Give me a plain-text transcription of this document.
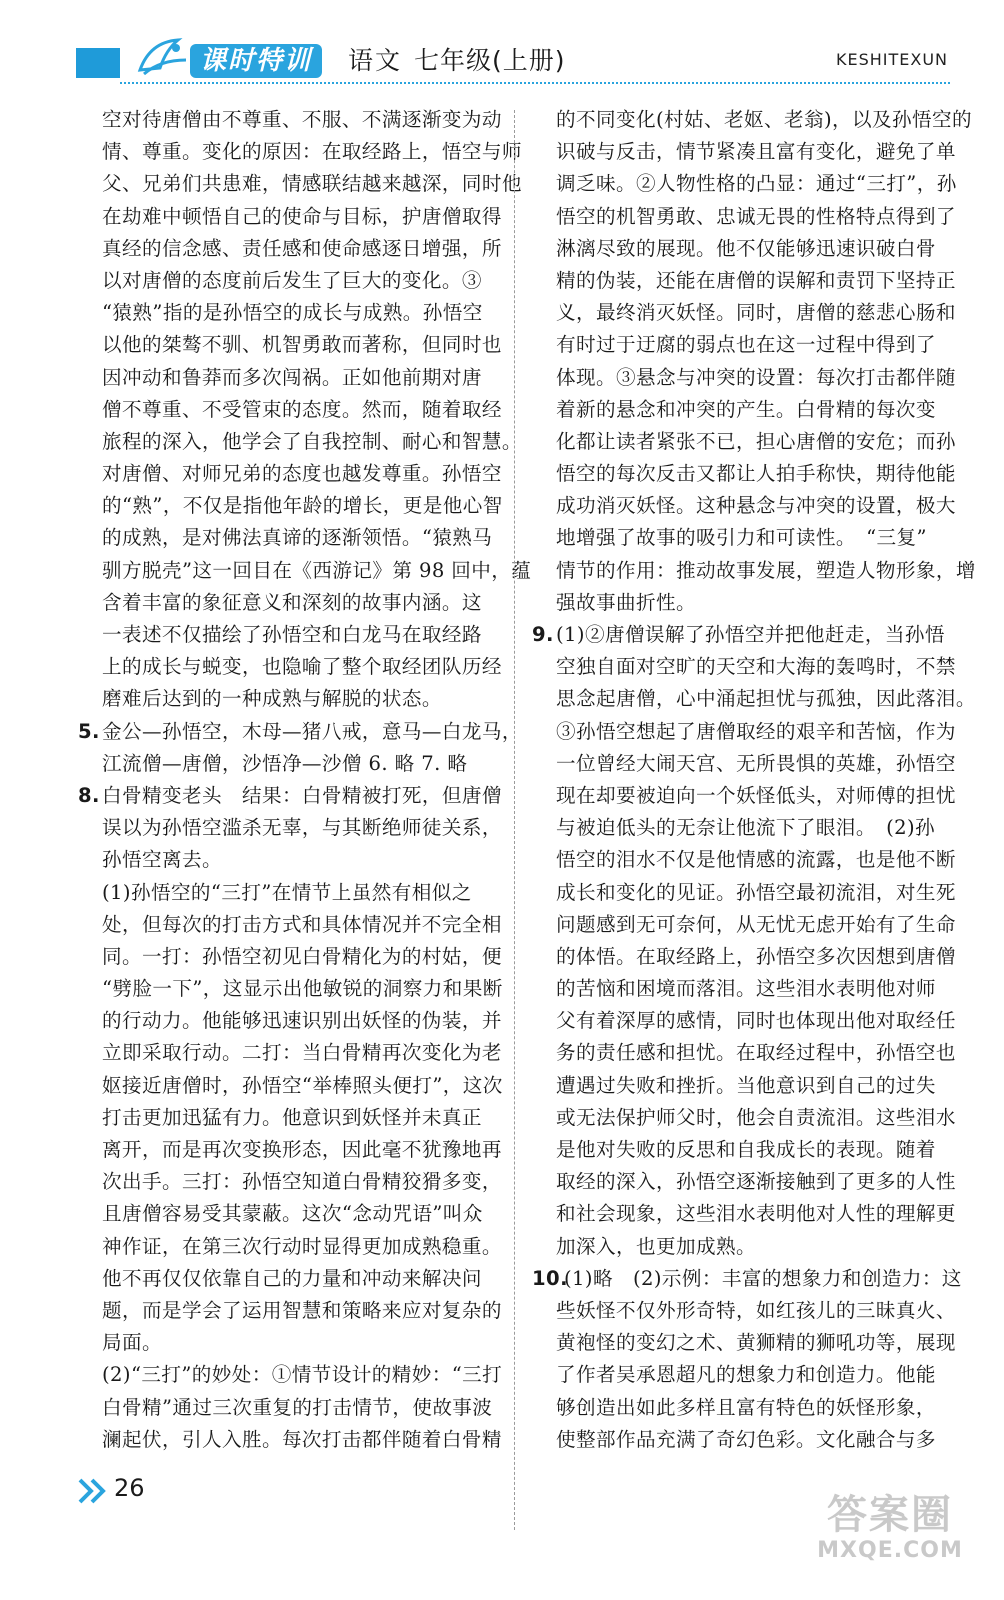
课时特训	语文 七年级(上册)	KESHITEXUN
空对待唐僧由不尊重、不服、不满逐渐变为动
情、尊重。变化的原因：在取经路上，悟空与师
父、兄弟们共患难，情感联结越来越深，同时他
在劫难中顿悟自己的使命与目标，护唐僧取得
真经的信念感、责任感和使命感逐日增强，所
以对唐僧的态度前后发生了巨大的变化。③
“猿熟”指的是孙悟空的成长与成熟。孙悟空
以他的桀骜不驯、机智勇敢而著称，但同时也
因冲动和鲁莽而多次闯祸。正如他前期对唐
僧不尊重、不受管束的态度。然而，随着取经
旅程的深入，他学会了自我控制、耐心和智慧。
对唐僧、对师兄弟的态度也越发尊重。孙悟空
的“熟”，不仅是指他年龄的增长，更是他心智
的成熟，是对佛法真谛的逐渐领悟。“猿熟马
驯方脱壳”这一回目在《西游记》第 98 回中，蕴
含着丰富的象征意义和深刻的故事内涵。这
一表述不仅描绘了孙悟空和白龙马在取经路
上的成长与蜕变，也隐喻了整个取经团队历经
磨难后达到的一种成熟与解脱的状态。
5. 金公—孙悟空，木母—猪八戒，意马—白龙马，
江流僧—唐僧，沙悟净—沙僧 6. 略 7. 略
8. 白骨精变老头　结果：白骨精被打死，但唐僧
误以为孙悟空滥杀无辜，与其断绝师徒关系，
孙悟空离去。
(1)孙悟空的“三打”在情节上虽然有相似之
处，但每次的打击方式和具体情况并不完全相
同。一打：孙悟空初见白骨精化为的村姑，便
“劈脸一下”，这显示出他敏锐的洞察力和果断
的行动力。他能够迅速识别出妖怪的伪装，并
立即采取行动。二打：当白骨精再次变化为老
妪接近唐僧时，孙悟空“举棒照头便打”，这次
打击更加迅猛有力。他意识到妖怪并未真正
离开，而是再次变换形态，因此毫不犹豫地再
次出手。三打：孙悟空知道白骨精狡猾多变，
且唐僧容易受其蒙蔽。这次“念动咒语”叫众
神作证，在第三次行动时显得更加成熟稳重。
他不再仅仅依靠自己的力量和冲动来解决问
题，而是学会了运用智慧和策略来应对复杂的
局面。
(2)“三打”的妙处：①情节设计的精妙：“三打
白骨精”通过三次重复的打击情节，使故事波
澜起伏，引人入胜。每次打击都伴随着白骨精
的不同变化(村姑、老妪、老翁)，以及孙悟空的
识破与反击，情节紧凑且富有变化，避免了单
调乏味。②人物性格的凸显：通过“三打”，孙
悟空的机智勇敢、忠诚无畏的性格特点得到了
淋漓尽致的展现。他不仅能够迅速识破白骨
精的伪装，还能在唐僧的误解和责罚下坚持正
义，最终消灭妖怪。同时，唐僧的慈悲心肠和
有时过于迂腐的弱点也在这一过程中得到了
体现。③悬念与冲突的设置：每次打击都伴随
着新的悬念和冲突的产生。白骨精的每次变
化都让读者紧张不已，担心唐僧的安危；而孙
悟空的每次反击又都让人拍手称快，期待他能
成功消灭妖怪。这种悬念与冲突的设置，极大
地增强了故事的吸引力和可读性。　“三复”
情节的作用：推动故事发展，塑造人物形象，增
强故事曲折性。
9. (1)②唐僧误解了孙悟空并把他赶走，当孙悟
空独自面对空旷的天空和大海的轰鸣时，不禁
思念起唐僧，心中涌起担忧与孤独，因此落泪。
③孙悟空想起了唐僧取经的艰辛和苦恼，作为
一位曾经大闹天宫、无所畏惧的英雄，孙悟空
现在却要被迫向一个妖怪低头，对师傅的担忧
与被迫低头的无奈让他流下了眼泪。　(2)孙
悟空的泪水不仅是他情感的流露，也是他不断
成长和变化的见证。孙悟空最初流泪，对生死
问题感到无可奈何，从无忧无虑开始有了生命
的体悟。在取经路上，孙悟空多次因想到唐僧
的苦恼和困境而落泪。这些泪水表明他对师
父有着深厚的感情，同时也体现出他对取经任
务的责任感和担忧。在取经过程中，孙悟空也
遭遇过失败和挫折。当他意识到自己的过失
或无法保护师父时，他会自责流泪。这些泪水
是他对失败的反思和自我成长的表现。随着
取经的深入，孙悟空逐渐接触到了更多的人性
和社会现象，这些泪水表明他对人性的理解更
加深入，也更加成熟。
10.(1)略　(2)示例：丰富的想象力和创造力：这
些妖怪不仅外形奇特，如红孩儿的三昧真火、
黄袍怪的变幻之术、黄狮精的狮吼功等，展现
了作者吴承恩超凡的想象力和创造力。他能
够创造出如此多样且富有特色的妖怪形象，
使整部作品充满了奇幻色彩。文化融合与多
26
答案圈
MXQE.COM
